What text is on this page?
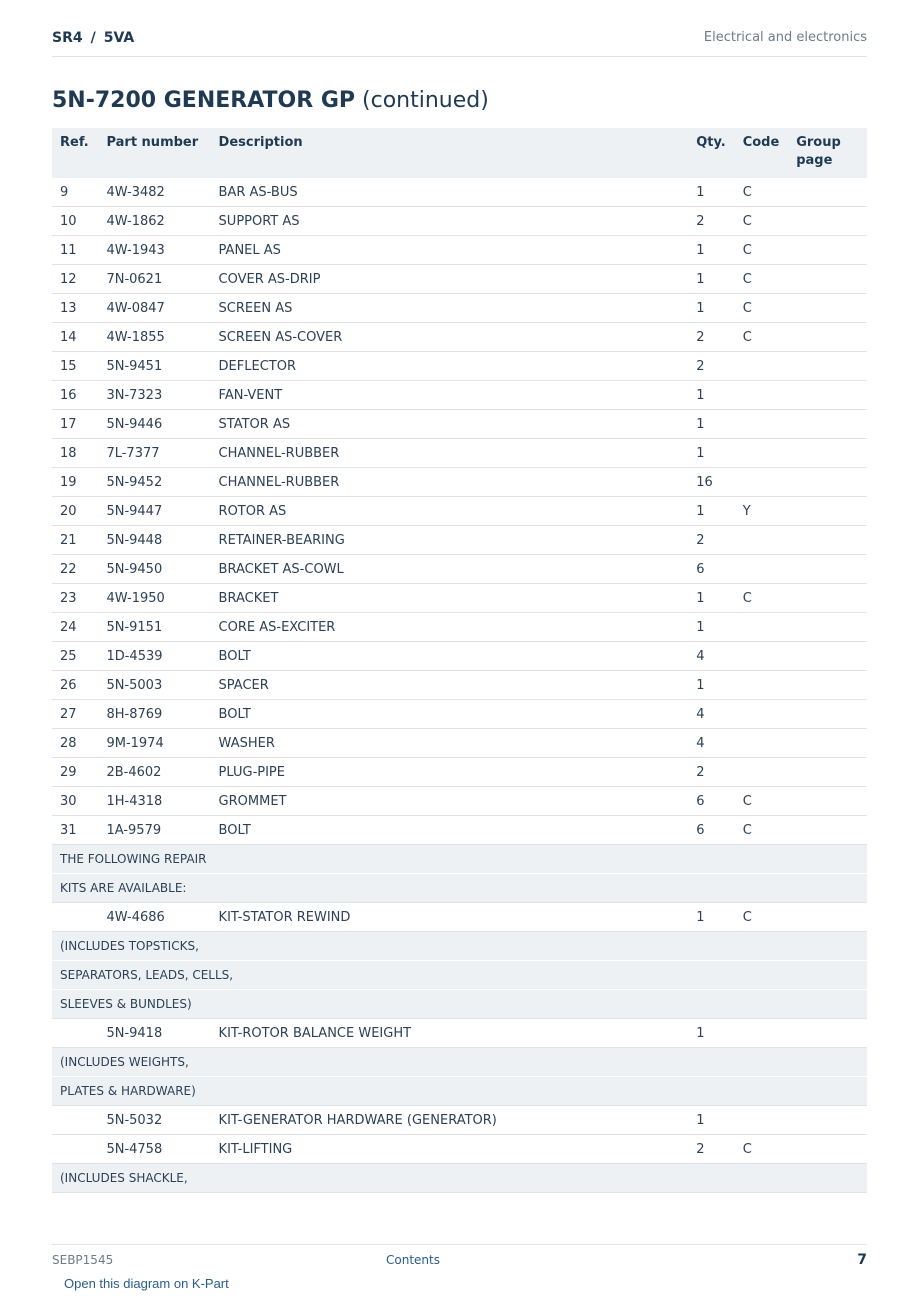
SR4 / 5VA	Electrical and electronics
5N-7200 GENERATOR GP (continued)
Ref.	Part number	Description	Qty.	Code	Group page
9	4W-3482	BAR AS-BUS	1	C	
10	4W-1862	SUPPORT AS	2	C	
11	4W-1943	PANEL AS	1	C	
12	7N-0621	COVER AS-DRIP	1	C	
13	4W-0847	SCREEN AS	1	C	
14	4W-1855	SCREEN AS-COVER	2	C	
15	5N-9451	DEFLECTOR	2		
16	3N-7323	FAN-VENT	1		
17	5N-9446	STATOR AS	1		
18	7L-7377	CHANNEL-RUBBER	1		
19	5N-9452	CHANNEL-RUBBER	16		
20	5N-9447	ROTOR AS	1	Y	
21	5N-9448	RETAINER-BEARING	2		
22	5N-9450	BRACKET AS-COWL	6		
23	4W-1950	BRACKET	1	C	
24	5N-9151	CORE AS-EXCITER	1		
25	1D-4539	BOLT	4		
26	5N-5003	SPACER	1		
27	8H-8769	BOLT	4		
28	9M-1974	WASHER	4		
29	2B-4602	PLUG-PIPE	2		
30	1H-4318	GROMMET	6	C	
31	1A-9579	BOLT	6	C	
THE FOLLOWING REPAIR					
KITS ARE AVAILABLE:					
	4W-4686	KIT-STATOR REWIND	1	C	
(INCLUDES TOPSTICKS,					
SEPARATORS, LEADS, CELLS,					
SLEEVES & BUNDLES)					
	5N-9418	KIT-ROTOR BALANCE WEIGHT	1		
(INCLUDES WEIGHTS,					
PLATES & HARDWARE)					
	5N-5032	KIT-GENERATOR HARDWARE (GENERATOR)	1		
	5N-4758	KIT-LIFTING	2	C	
(INCLUDES SHACKLE,					
SEBP1545	Contents	7
Open this diagram on K-Part
